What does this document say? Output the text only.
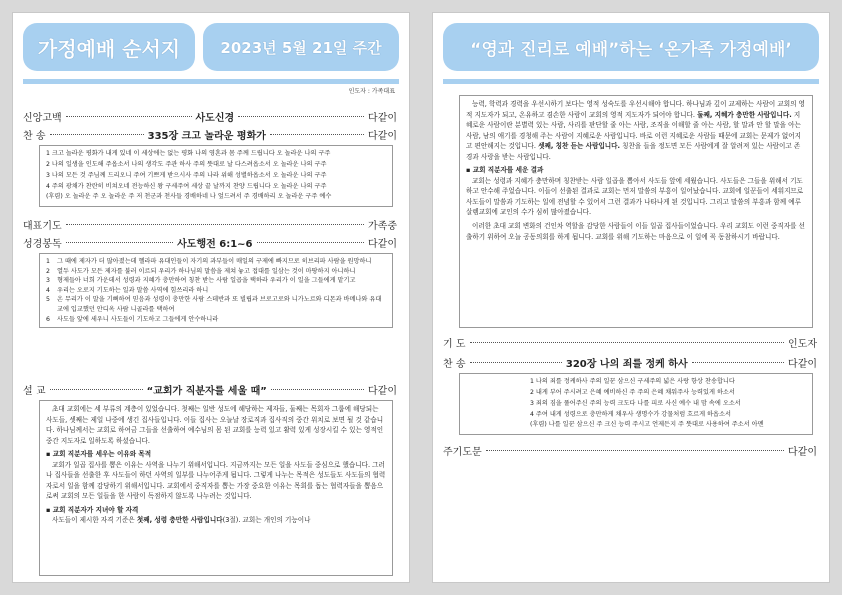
가정예배 순서지	2023년 5월 21일 주간
인도자 : 가족대표
신앙고백	사도신경	다같이
찬 송	335장 크고 놀라운 평화가	다같이
1 크고 놀라운 평화가 내게 있네 이 세상에는 없는 평화 나의 영혼과 몸 주께 드립니다 오 놀라운 나의 구주
2 나의 일생을 인도해 주옵소서 나의 생각도 주관 하사 주의 뜻대로 날 다스려옵소서 오 놀라운 나의 구주
3 나의 모든 것 주님께 드리오니 주여 기쁘게 받으시사 주의 나라 위해 성별하옵소서 오 놀라운 나의 구주
4 주의 광채가 찬란히 비쳐오네 전능하신 왕 구세주여 세상 끝 날까지 찬양 드립니다 오 놀라운 나의 구주
(후렴) 오 놀라운 주 오 놀라운 주 저 천군과 천사들 경배하네 나 엎드려서 주 경배하리 오 놀라운 구주 예수
대표기도	가족중
성경봉독	사도행전 6:1~6	다같이
1	그 때에 제자가 더 많아졌는데 헬라파 유대인들이 자기의 과부들이 매일의 구제에 빠지므로 히브리파 사람을 원망하니
2	열두 사도가 모든 제자를 불러 이르되 우리가 하나님의 말씀을 제쳐 놓고 접대를 일삼는 것이 마땅하지 아니하니
3	형제들아 너희 가운데서 성령과 지혜가 충만하여 칭찬 받는 사람 일곱을 택하라 우리가 이 일을 그들에게 맡기고
4	우리는 오로지 기도하는 일과 말씀 사역에 힘쓰리라 하니
5	온 무리가 이 말을 기뻐하여 믿음과 성령이 충만한 사람 스데반과 또 빌립과 브로고로와 니가노르와 디몬과 바메나와 유대교에 입교했던 안디옥 사람 니골라를 택하여
6	사도들 앞에 세우니 사도들이 기도하고 그들에게 안수하니라
설 교	“교회가 직분자를 세울 때”	다같이

초대 교회에는 세 부류의 계층이 있었습니다. 첫째는 일반 성도에 해당하는 제자들, 둘째는 목회자 그룹에 해당되는 사도들, 셋째는 제일 나중에 생긴 집사들입니다. 이들 집사는 오늘날 장로직과 집사직의 중간 위치로 보면 될 것 같습니다. 하나님께서는 교회로 하여금 그들을 선출하여 예수님의 몸 된 교회를 능력 있고 활력 있게 성장시킬 수 있는 영적인 중간 지도자로 일하도록 하셨습니다.

▪ 교회 직분자를 세우는 이유와 목적

교회가 일곱 집사를 뽑은 이유는 사역을 나누기 위해서입니다. 지금까지는 모든 일을 사도들 중심으로 했습니다. 그러나 집사들을 선출한 후 사도들이 하던 사역의 일부를 나누어주게 됩니다. 그렇게 나누는 목적은 성도들도 사도들의 협력자로서 일을 함께 감당하기 위해서입니다. 교회에서 중직자를 뽑는 가장 중요한 이유는 목회를 돕는 협력자들을 뽑음으로써 교회의 모든 일들을 한 사람이 독점하지 않도록 나누려는 것입니다.

▪ 교회 직분자가 지녀야 할 자격

사도들이 제시한 자격 기준은 첫째, 성령 충만한 사람입니다(3절). 교회는 개인의 기능이나

“영과 진리로 예배”하는 ‘온가족 가정예배’

능력, 학력과 경력을 우선시하기 보다는 영적 성숙도를 우선시해야 합니다. 하나님과 깊이 교제하는 사람이 교회의 영적 지도자가 되고, 온유하고 겸손한 사람이 교회의 영적 지도자가 되어야 합니다. 둘째, 지혜가 충만한 사람입니다. 지혜로운 사람이란 분별력 있는 사람, 사리를 판단할 줄 아는 사람, 조직을 이해할 줄 아는 사람, 할 말과 안 할 말을 아는 사람, 남의 애기를 경청해 주는 사람이 지혜로운 사람입니다. 바로 이런 지혜로운 사람들 때문에 교회는 문제가 없어지고 편안해지는 것입니다. 셋째, 칭찬 듣는 사람입니다. 칭찬을 들을 정도면 모든 사람에게 잘 알려져 있는 사람이고 존경과 사랑을 받는 사람입니다.

▪ 교회 직분자를 세운 결과

교회는 성령과 지혜가 충만하며 칭찬받는 사람 일곱을 뽑아서 사도들 앞에 세웠습니다. 사도들은 그들을 위해서 기도하고 안수해 주었습니다. 이들이 선출된 결과로 교회는 먼저 말씀의 부흥이 일어났습니다. 교회에 일꾼들이 세워지므로 사도들이 말씀과 기도하는 일에 전념할 수 있어서 그런 결과가 나타나게 된 것입니다. 그리고 말씀의 부흥과 함께 예루살렘교회에 교인의 수가 심히 많아졌습니다.

이러한 초대 교회 변화의 건인차 역할을 감당한 사람들이 이들 일곱 집사들이었습니다. 우리 교회도 이런 중직자를 선출하기 위하여 오늘 공동의회를 하게 됩니다. 교회를 위해 기도하는 마음으로 이 일에 꼭 동참하시기 바랍니다.

기 도	인도자
찬 송	320장 나의 죄를 정케 하사	다같이
1 나의 죄를 정케하사 주의 일꾼 삼으신 구세주의 넓은 사랑 항상 찬송합니다
2 내게 부어 주시려고 은혜 예비하신 주 주의 은혜 채워주사 능력있게 하소서
3 죄의 짐을 풀어주신 주의 능력 크도다 나를 피로 사신 예수 내 맘 속에 오소서
4 주여 내게 성령으로 충만하게 채우사 생명수가 강물처럼 흐르게 하옵소서
(후렴) 나를 일꾼 삼으신 주 크신 능력 주시고 언제든지 주 뜻대로 사용하여 주소서 아멘
주기도문	다같이
